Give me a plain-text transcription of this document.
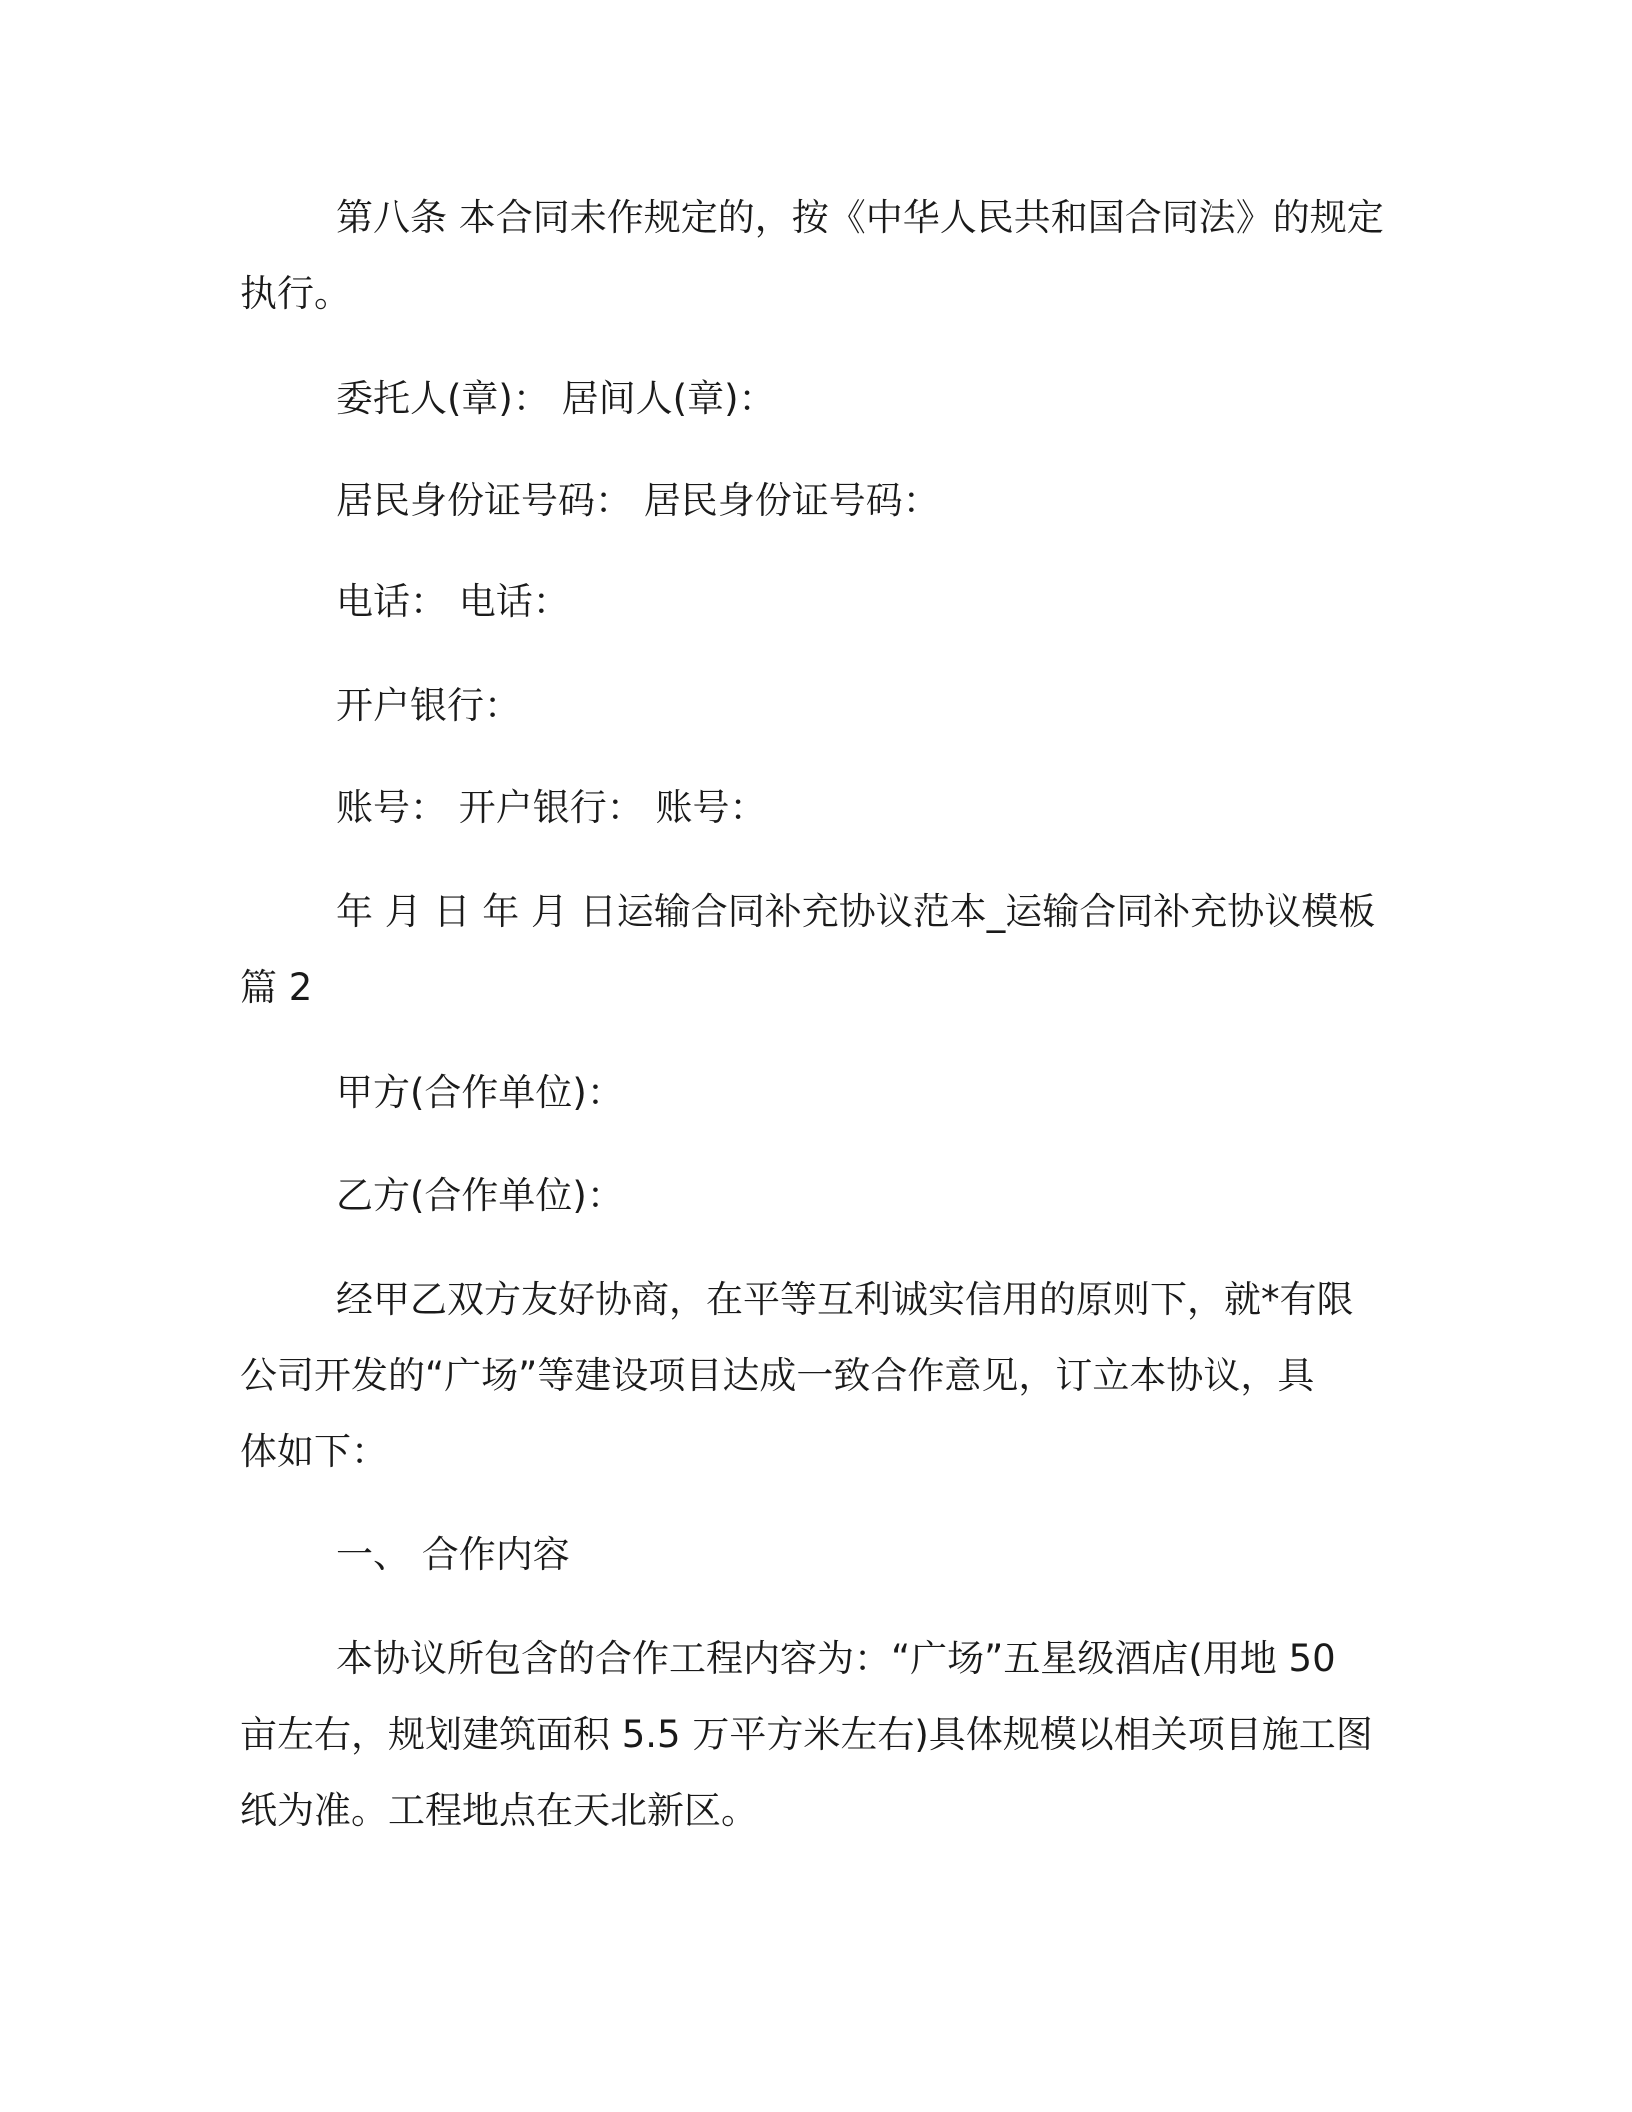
第八条 本合同未作规定的，按《中华人民共和国合同法》的规定
执行。

委托人(章)： 居间人(章)：

居民身份证号码： 居民身份证号码：

电话： 电话：

开户银行：

账号： 开户银行： 账号：

年 月 日 年 月 日运输合同补充协议范本_运输合同补充协议模板
篇 2

甲方(合作单位)：

乙方(合作单位)：

经甲乙双方友好协商，在平等互利诚实信用的原则下，就*有限
公司开发的“广场”等建设项目达成一致合作意见，订立本协议，具
体如下：

一、 合作内容

本协议所包含的合作工程内容为：“广场”五星级酒店(用地 50
亩左右，规划建筑面积 5.5 万平方米左右)具体规模以相关项目施工图
纸为准。工程地点在天北新区。
